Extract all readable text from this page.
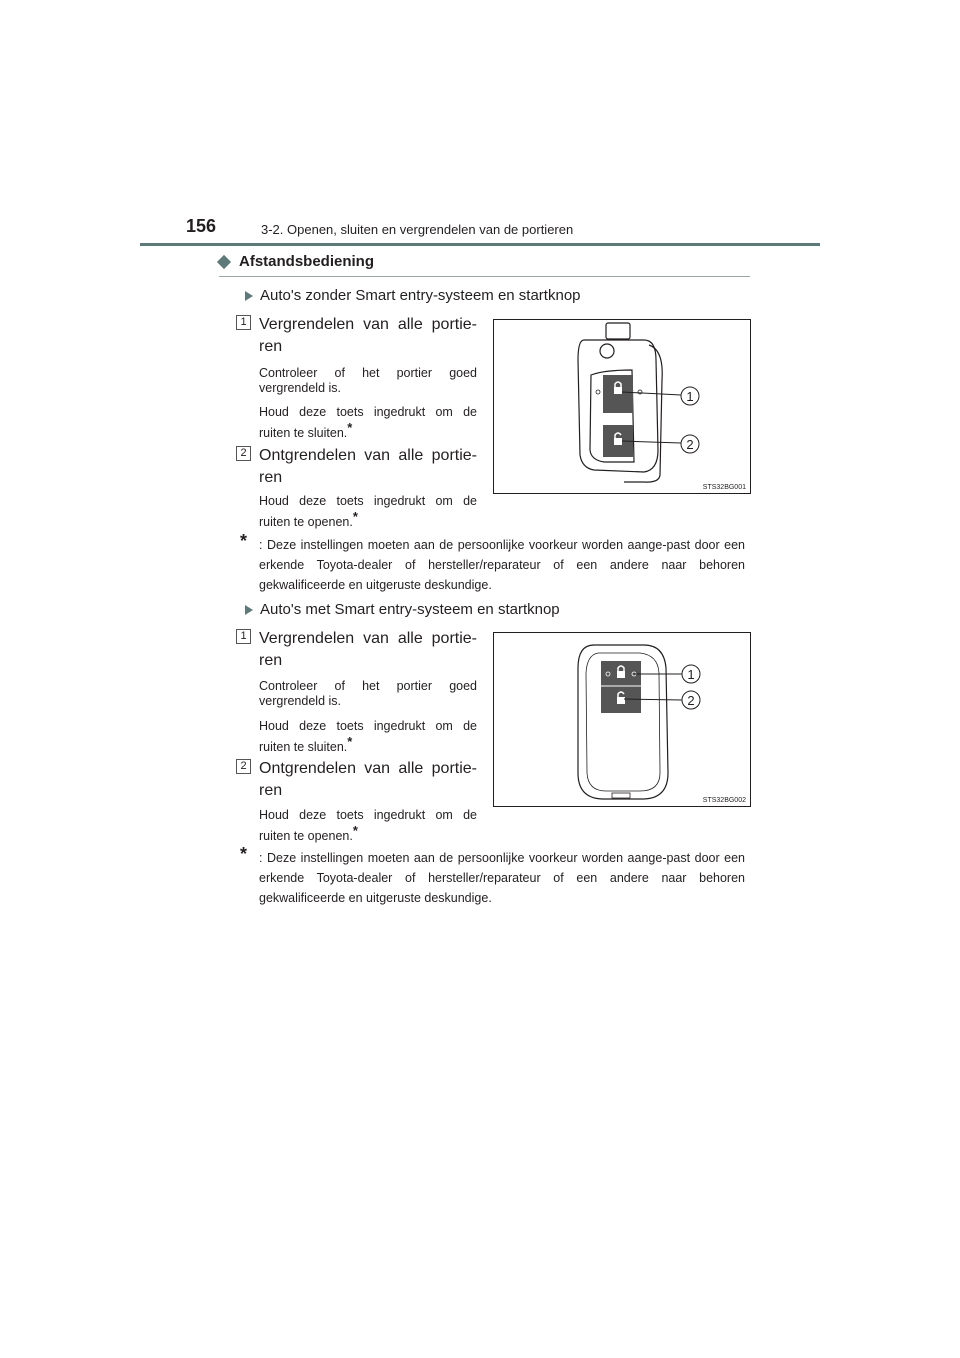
156	3-2. Openen, sluiten en vergrendelen van de portieren
Afstandsbediening
Auto's zonder Smart entry-systeem en startknop
1 Vergrendelen van alle portie-ren
Controleer of het portier goed vergrendeld is.
Houd deze toets ingedrukt om de ruiten te sluiten.*
2 Ontgrendelen van alle portie-ren
Houd deze toets ingedrukt om de ruiten te openen.*
1
2
STS32BG001
* : Deze instellingen moeten aan de persoonlijke voorkeur worden aange-past door een erkende Toyota-dealer of hersteller/reparateur of een andere naar behoren gekwalificeerde en uitgeruste deskundige.
Auto's met Smart entry-systeem en startknop
1 Vergrendelen van alle portie-ren
Controleer of het portier goed vergrendeld is.
Houd deze toets ingedrukt om de ruiten te sluiten.*
2 Ontgrendelen van alle portie-ren
Houd deze toets ingedrukt om de ruiten te openen.*
1
2
STS32BG002
* : Deze instellingen moeten aan de persoonlijke voorkeur worden aange-past door een erkende Toyota-dealer of hersteller/reparateur of een andere naar behoren gekwalificeerde en uitgeruste deskundige.
